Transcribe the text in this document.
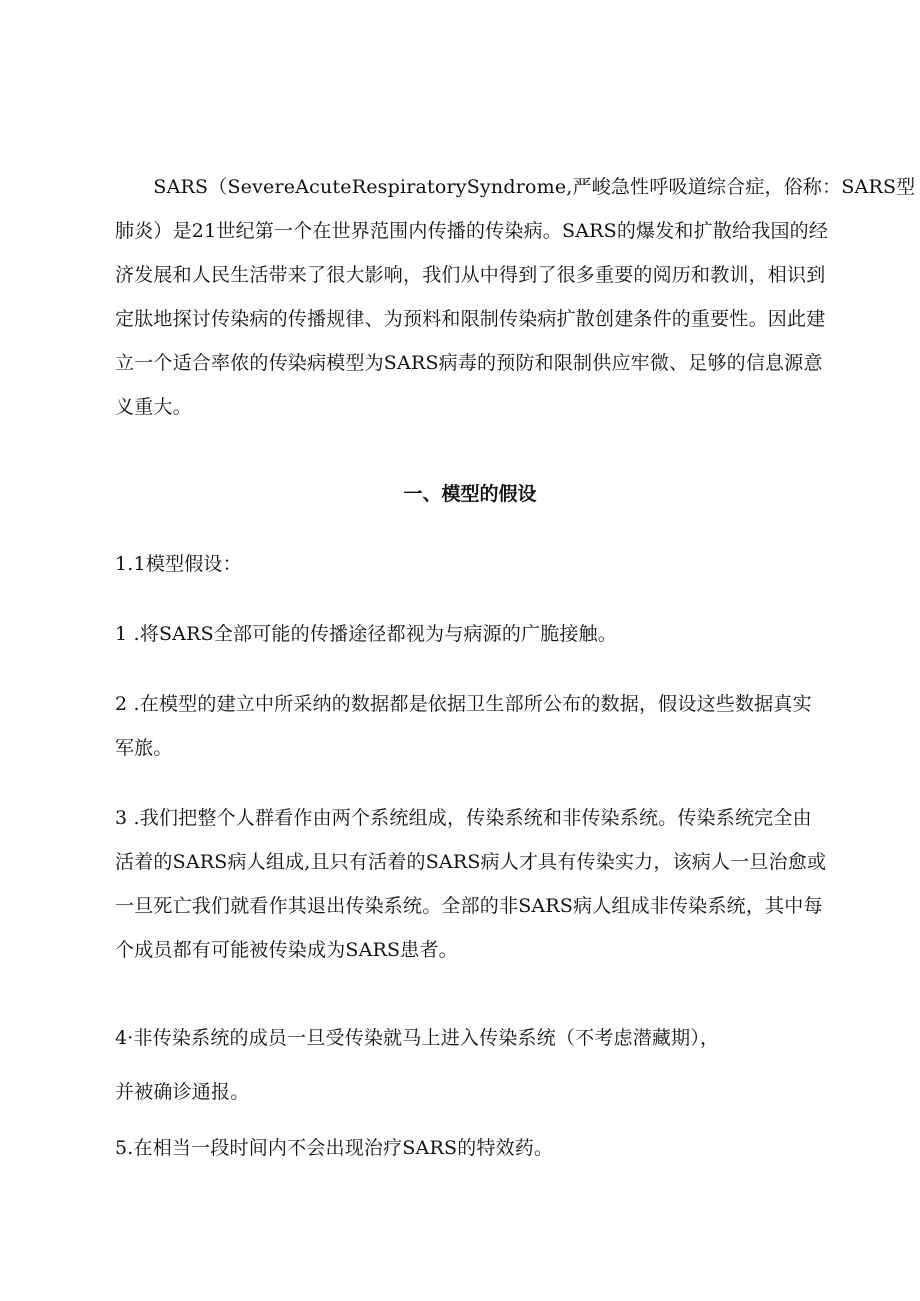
　　SARS（SevereAcuteRespiratorySyndrome,严峻急性呼吸道综合症，俗称：SARS型
肺炎）是21世纪第一个在世界范围内传播的传染病。SARS的爆发和扩散给我国的经
济发展和人民生活带来了很大影响，我们从中得到了很多重要的阅历和教训，相识到
定肽地探讨传染病的传播规律、为预料和限制传染病扩散创建条件的重要性。因此建
立一个适合率侬的传染病模型为SARS病毒的预防和限制供应牢微、足够的信息源意
义重大。

一、模型的假设

1.1模型假设：

1 .将SARS全部可能的传播途径都视为与病源的广脆接触。

2 .在模型的建立中所采纳的数据都是依据卫生部所公布的数据，假设这些数据真实
军旅。

3 .我们把整个人群看作由两个系统组成，传染系统和非传染系统。传染系统完全由
活着的SARS病人组成,且只有活着的SARS病人才具有传染实力，该病人一旦治愈或
一旦死亡我们就看作其退出传染系统。全部的非SARS病人组成非传染系统，其中每
个成员都有可能被传染成为SARS患者。

4·非传染系统的成员一旦受传染就马上进入传染系统（不考虑潜藏期），
并被确诊通报。

5.在相当一段时间内不会出现治疗SARS的特效药。
